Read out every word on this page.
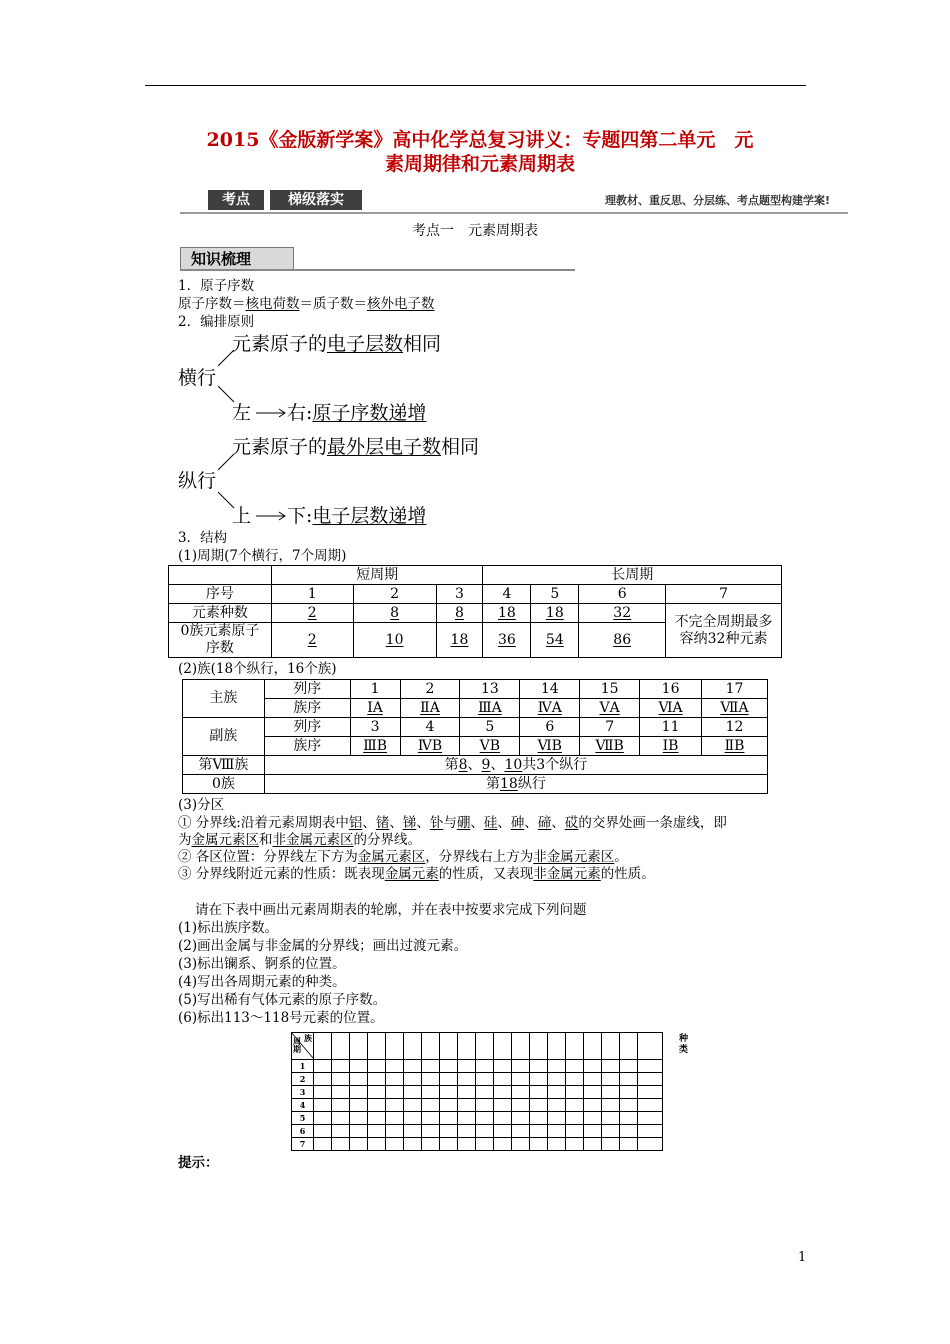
2015《金版新学案》高中化学总复习讲义：专题四第二单元　元
素周期律和元素周期表
考点	梯级落实	理教材、重反思、分层练、考点题型构建学案!
考点一　元素周期表
知识梳理
1．原子序数
原子序数＝核电荷数＝质子数＝核外电子数
2．编排原则
元素原子的电子层数相同
横行
左 右:原子序数递增
元素原子的最外层电子数相同
纵行
上 下:电子层数递增
3．结构
(1)周期(7个横行，7个周期)
	短周期			长周期			
序号	1	2	3	4	5	6	7
元素种数	2	8	8	18	18	32	不完全周期最多容纳32种元素
0族元素原子序数	2	10	18	36	54	86	
(2)族(18个纵行，16个族)
主族	列序	1	2	13	14	15	16	17
	族序	ⅠA	ⅡA	ⅢA	ⅣA	ⅤA	ⅥA	ⅦA
副族	列序	3	4	5	6	7	11	12
	族序	ⅢB	ⅣB	ⅤB	ⅥB	ⅦB	ⅠB	ⅡB
第Ⅷ族	第8、9、10共3个纵行							
0族	第18纵行							
(3)分区
① 分界线:沿着元素周期表中铝、锗、锑、钋与硼、硅、砷、碲、砹的交界处画一条虚线，即
为金属元素区和非金属元素区的分界线。
② 各区位置：分界线左下方为金属元素区，分界线右上方为非金属元素区。
③ 分界线附近元素的性质：既表现金属元素的性质，又表现非金属元素的性质。
请在下表中画出元素周期表的轮廓，并在表中按要求完成下列问题
(1)标出族序数。
(2)画出金属与非金属的分界线；画出过渡元素。
(3)标出镧系、锕系的位置。
(4)写出各周期元素的种类。
(5)写出稀有气体元素的原子序数。
(6)标出113～118号元素的位置。
族
周期
种类

1																			
2																			
3																			
4																			
5																			
6																			
7																			
提示：
1
